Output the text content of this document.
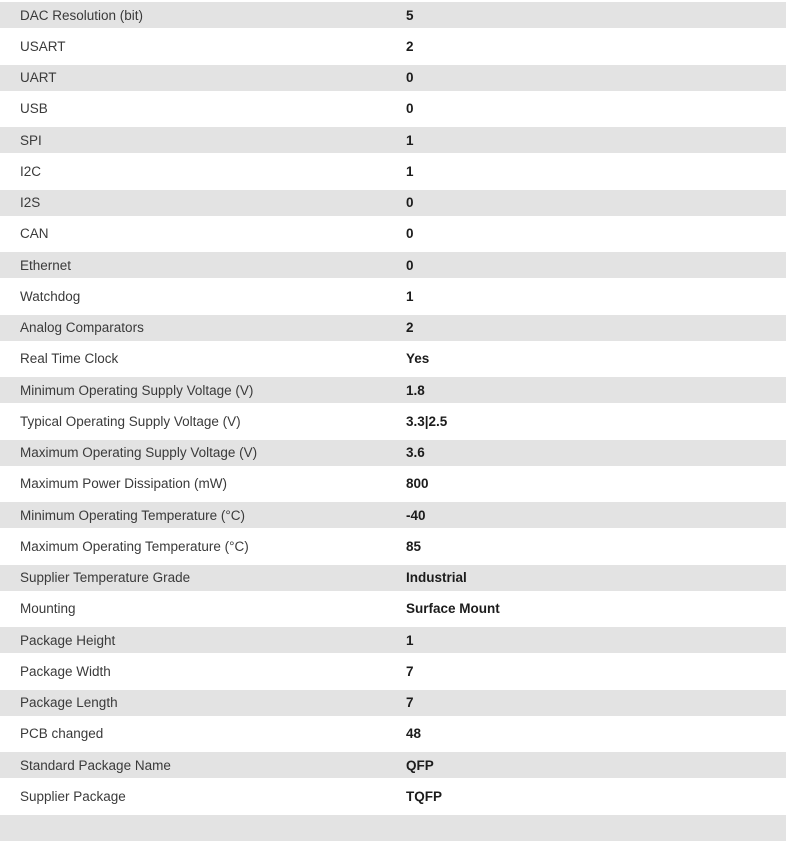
DAC Resolution (bit)	5
USART	2
UART	0
USB	0
SPI	1
I2C	1
I2S	0
CAN	0
Ethernet	0
Watchdog	1
Analog Comparators	2
Real Time Clock	Yes
Minimum Operating Supply Voltage (V)	1.8
Typical Operating Supply Voltage (V)	3.3|2.5
Maximum Operating Supply Voltage (V)	3.6
Maximum Power Dissipation (mW)	800
Minimum Operating Temperature (°C)	-40
Maximum Operating Temperature (°C)	85
Supplier Temperature Grade	Industrial
Mounting	Surface Mount
Package Height	1
Package Width	7
Package Length	7
PCB changed	48
Standard Package Name	QFP
Supplier Package	TQFP
